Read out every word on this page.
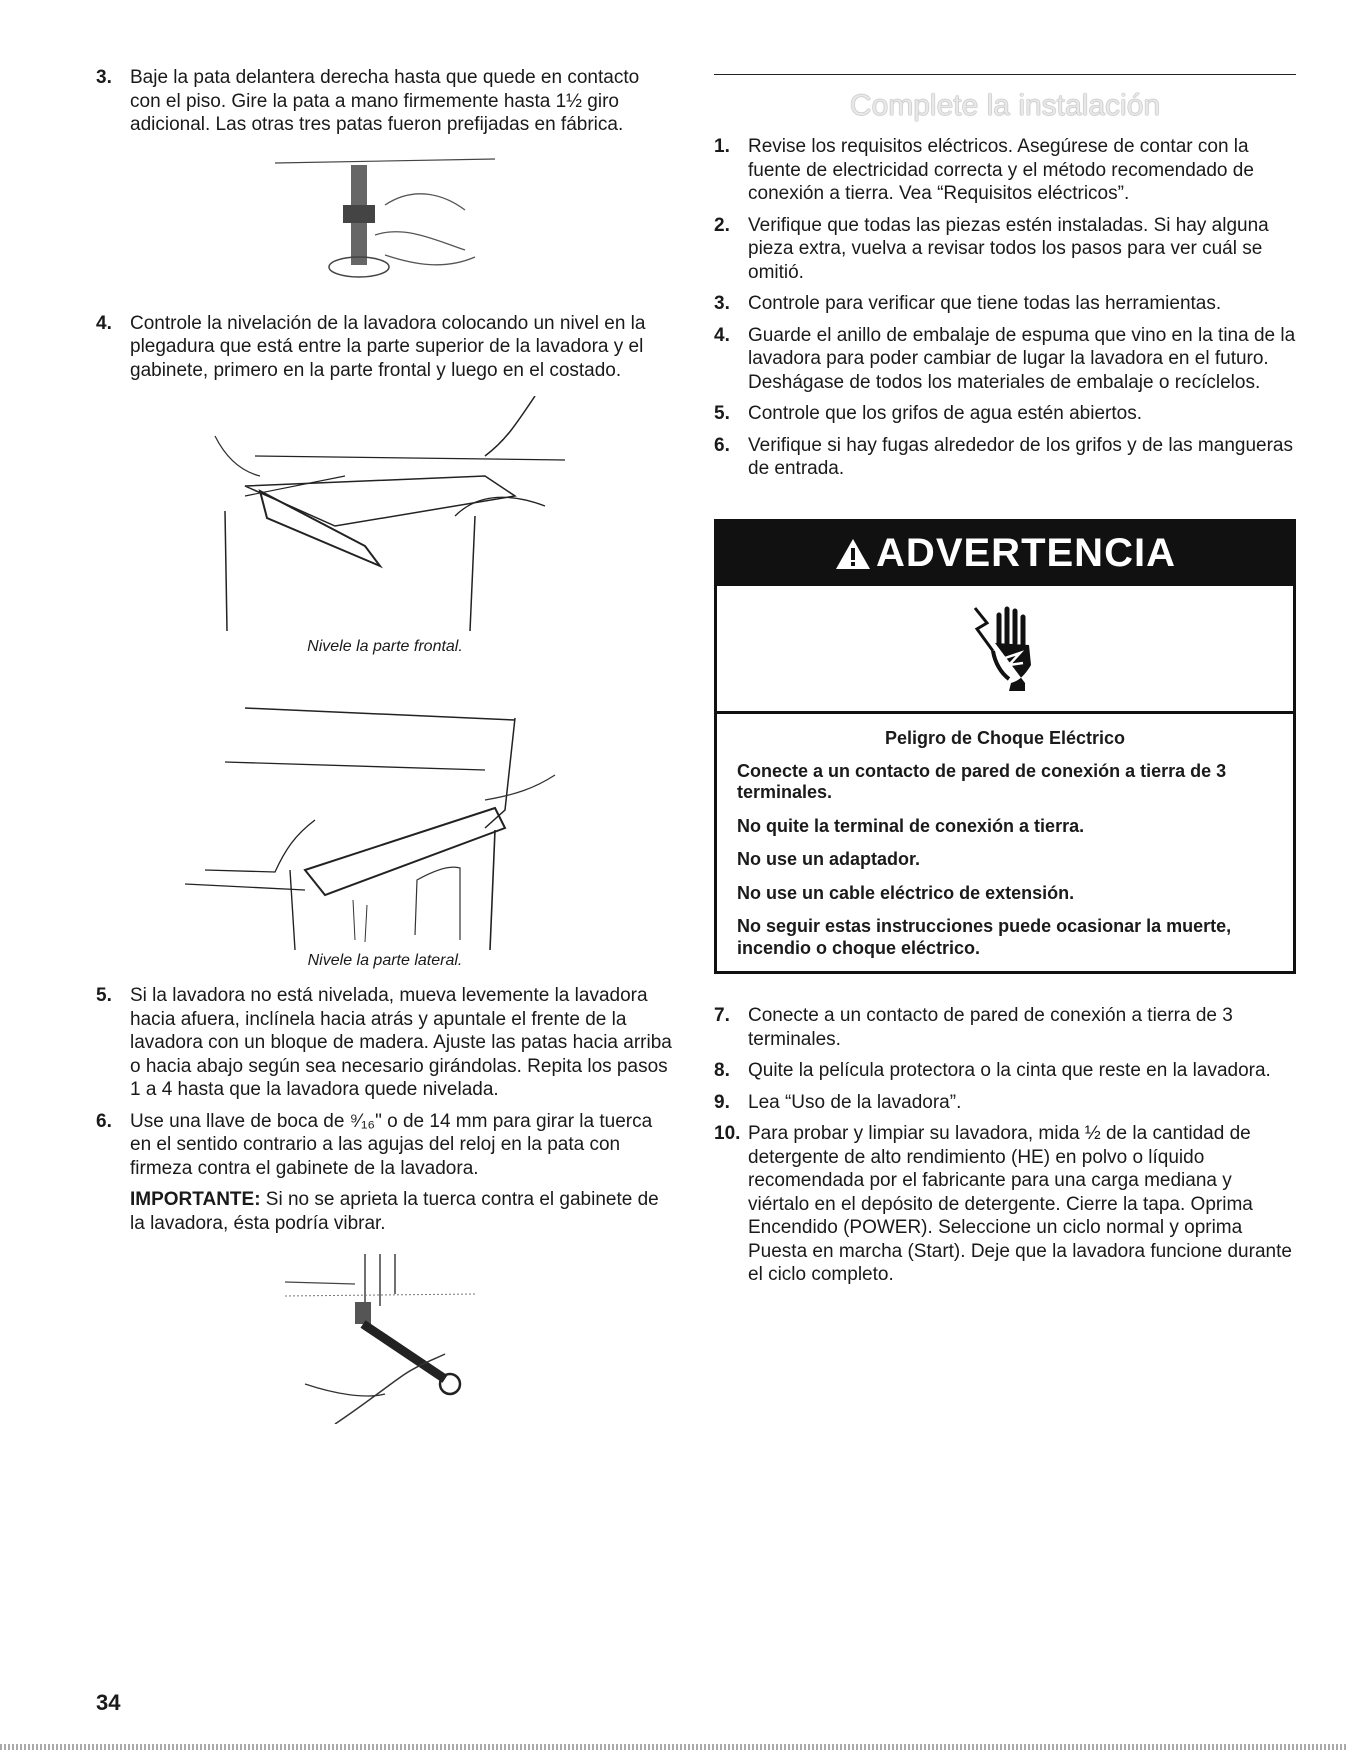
3. Baje la pata delantera derecha hasta que quede en contacto con el piso. Gire la pata a mano firmemente hasta 1½ giro adicional. Las otras tres patas fueron prefijadas en fábrica.
4. Controle la nivelación de la lavadora colocando un nivel en la plegadura que está entre la parte superior de la lavadora y el gabinete, primero en la parte frontal y luego en el costado.
Nivele la parte frontal.
Nivele la parte lateral.
5. Si la lavadora no está nivelada, mueva levemente la lavadora hacia afuera, inclínela hacia atrás y apuntale el frente de la lavadora con un bloque de madera. Ajuste las patas hacia arriba o hacia abajo según sea necesario girándolas. Repita los pasos 1 a 4 hasta que la lavadora quede nivelada.
6. Use una llave de boca de ⁹⁄₁₆" o de 14 mm para girar la tuerca en el sentido contrario a las agujas del reloj en la pata con firmeza contra el gabinete de la lavadora.

IMPORTANTE: Si no se aprieta la tuerca contra el gabinete de la lavadora, ésta podría vibrar.

Complete la instalación
1. Revise los requisitos eléctricos. Asegúrese de contar con la fuente de electricidad correcta y el método recomendado de conexión a tierra. Vea “Requisitos eléctricos”.
2. Verifique que todas las piezas estén instaladas. Si hay alguna pieza extra, vuelva a revisar todos los pasos para ver cuál se omitió.
3. Controle para verificar que tiene todas las herramientas.
4. Guarde el anillo de embalaje de espuma que vino en la tina de la lavadora para poder cambiar de lugar la lavadora en el futuro. Deshágase de todos los materiales de embalaje o recíclelos.
5. Controle que los grifos de agua estén abiertos.
6. Verifique si hay fugas alrededor de los grifos y de las mangueras de entrada.
ADVERTENCIA
Peligro de Choque Eléctrico

Conecte a un contacto de pared de conexión a tierra de 3 terminales.

No quite la terminal de conexión a tierra.

No use un adaptador.

No use un cable eléctrico de extensión.

No seguir estas instrucciones puede ocasionar la muerte, incendio o choque eléctrico.

7. Conecte a un contacto de pared de conexión a tierra de 3 terminales.
8. Quite la película protectora o la cinta que reste en la lavadora.
9. Lea “Uso de la lavadora”.
10. Para probar y limpiar su lavadora, mida ½ de la cantidad de detergente de alto rendimiento (HE) en polvo o líquido recomendada por el fabricante para una carga mediana y viértalo en el depósito de detergente. Cierre la tapa. Oprima Encendido (POWER). Seleccione un ciclo normal y oprima Puesta en marcha (Start). Deje que la lavadora funcione durante el ciclo completo.
34
